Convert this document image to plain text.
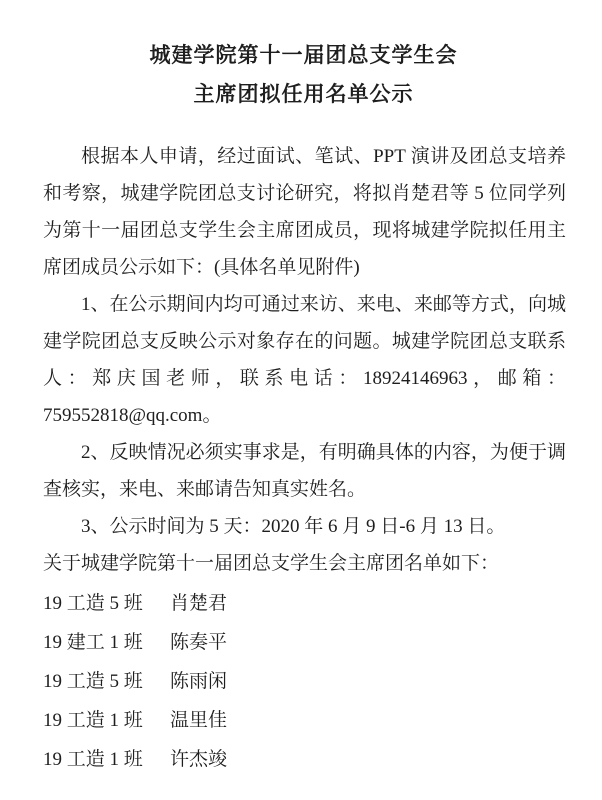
城建学院第十一届团总支学生会
主席团拟任用名单公示

根据本人申请，经过面试、笔试、PPT 演讲及团总支培养和考察，城建学院团总支讨论研究，将拟肖楚君等 5 位同学列为第十一届团总支学生会主席团成员，现将城建学院拟任用主席团成员公示如下：(具体名单见附件)

1、在公示期间内均可通过来访、来电、来邮等方式，向城建学院团总支反映公示对象存在的问题。城建学院团总支联系人：郑庆国老师，联系电话：18924146963，邮箱：759552818@qq.com。

2、反映情况必须实事求是，有明确具体的内容，为便于调查核实，来电、来邮请告知真实姓名。

3、公示时间为 5 天：2020 年 6 月 9 日-6 月 13 日。

关于城建学院第十一届团总支学生会主席团名单如下：

19 工造 5 班	肖楚君
19 建工 1 班	陈奏平
19 工造 5 班	陈雨闲
19 工造 1 班	温里佳
19 工造 1 班	许杰竣
